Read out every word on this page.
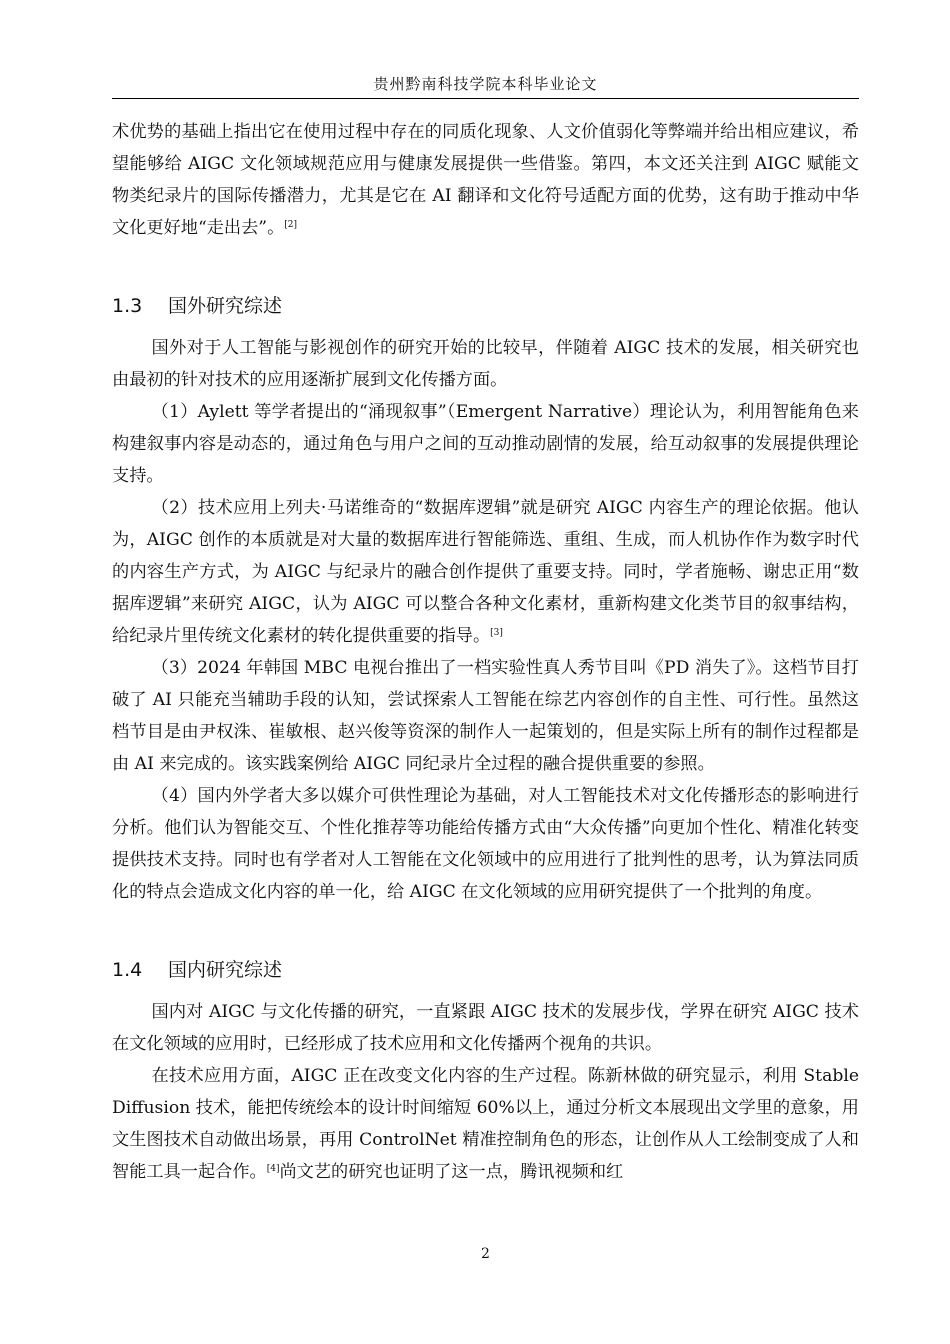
贵州黔南科技学院本科毕业论文

术优势的基础上指出它在使用过程中存在的同质化现象、人文价值弱化等弊端并给出相应建议，希望能够给 AIGC 文化领域规范应用与健康发展提供一些借鉴。第四，本文还关注到 AIGC 赋能文物类纪录片的国际传播潜力，尤其是它在 AI 翻译和文化符号适配方面的优势，这有助于推动中华文化更好地“走出去”。[2]

1.3 国外研究综述

国外对于人工智能与影视创作的研究开始的比较早，伴随着 AIGC 技术的发展，相关研究也由最初的针对技术的应用逐渐扩展到文化传播方面。

（1）Aylett 等学者提出的“涌现叙事”（Emergent Narrative）理论认为，利用智能角色来构建叙事内容是动态的，通过角色与用户之间的互动推动剧情的发展，给互动叙事的发展提供理论支持。

（2）技术应用上列夫·马诺维奇的“数据库逻辑”就是研究 AIGC 内容生产的理论依据。他认为，AIGC 创作的本质就是对大量的数据库进行智能筛选、重组、生成，而人机协作作为数字时代的内容生产方式，为 AIGC 与纪录片的融合创作提供了重要支持。同时，学者施畅、谢忠正用“数据库逻辑”来研究 AIGC，认为 AIGC 可以整合各种文化素材，重新构建文化类节目的叙事结构，给纪录片里传统文化素材的转化提供重要的指导。[3]

（3）2024 年韩国 MBC 电视台推出了一档实验性真人秀节目叫《PD 消失了》。这档节目打破了 AI 只能充当辅助手段的认知，尝试探索人工智能在综艺内容创作的自主性、可行性。虽然这档节目是由尹权洙、崔敏根、赵兴俊等资深的制作人一起策划的，但是实际上所有的制作过程都是由 AI 来完成的。该实践案例给 AIGC 同纪录片全过程的融合提供重要的参照。

（4）国内外学者大多以媒介可供性理论为基础，对人工智能技术对文化传播形态的影响进行分析。他们认为智能交互、个性化推荐等功能给传播方式由“大众传播”向更加个性化、精准化转变提供技术支持。同时也有学者对人工智能在文化领域中的应用进行了批判性的思考，认为算法同质化的特点会造成文化内容的单一化，给 AIGC 在文化领域的应用研究提供了一个批判的角度。

1.4 国内研究综述

国内对 AIGC 与文化传播的研究，一直紧跟 AIGC 技术的发展步伐，学界在研究 AIGC 技术在文化领域的应用时，已经形成了技术应用和文化传播两个视角的共识。

在技术应用方面，AIGC 正在改变文化内容的生产过程。陈新林做的研究显示，利用 Stable Diffusion 技术，能把传统绘本的设计时间缩短 60%以上，通过分析文本展现出文学里的意象，用文生图技术自动做出场景，再用 ControlNet 精准控制角色的形态，让创作从人工绘制变成了人和智能工具一起合作。[4]尚文艺的研究也证明了这一点，腾讯视频和红

2
